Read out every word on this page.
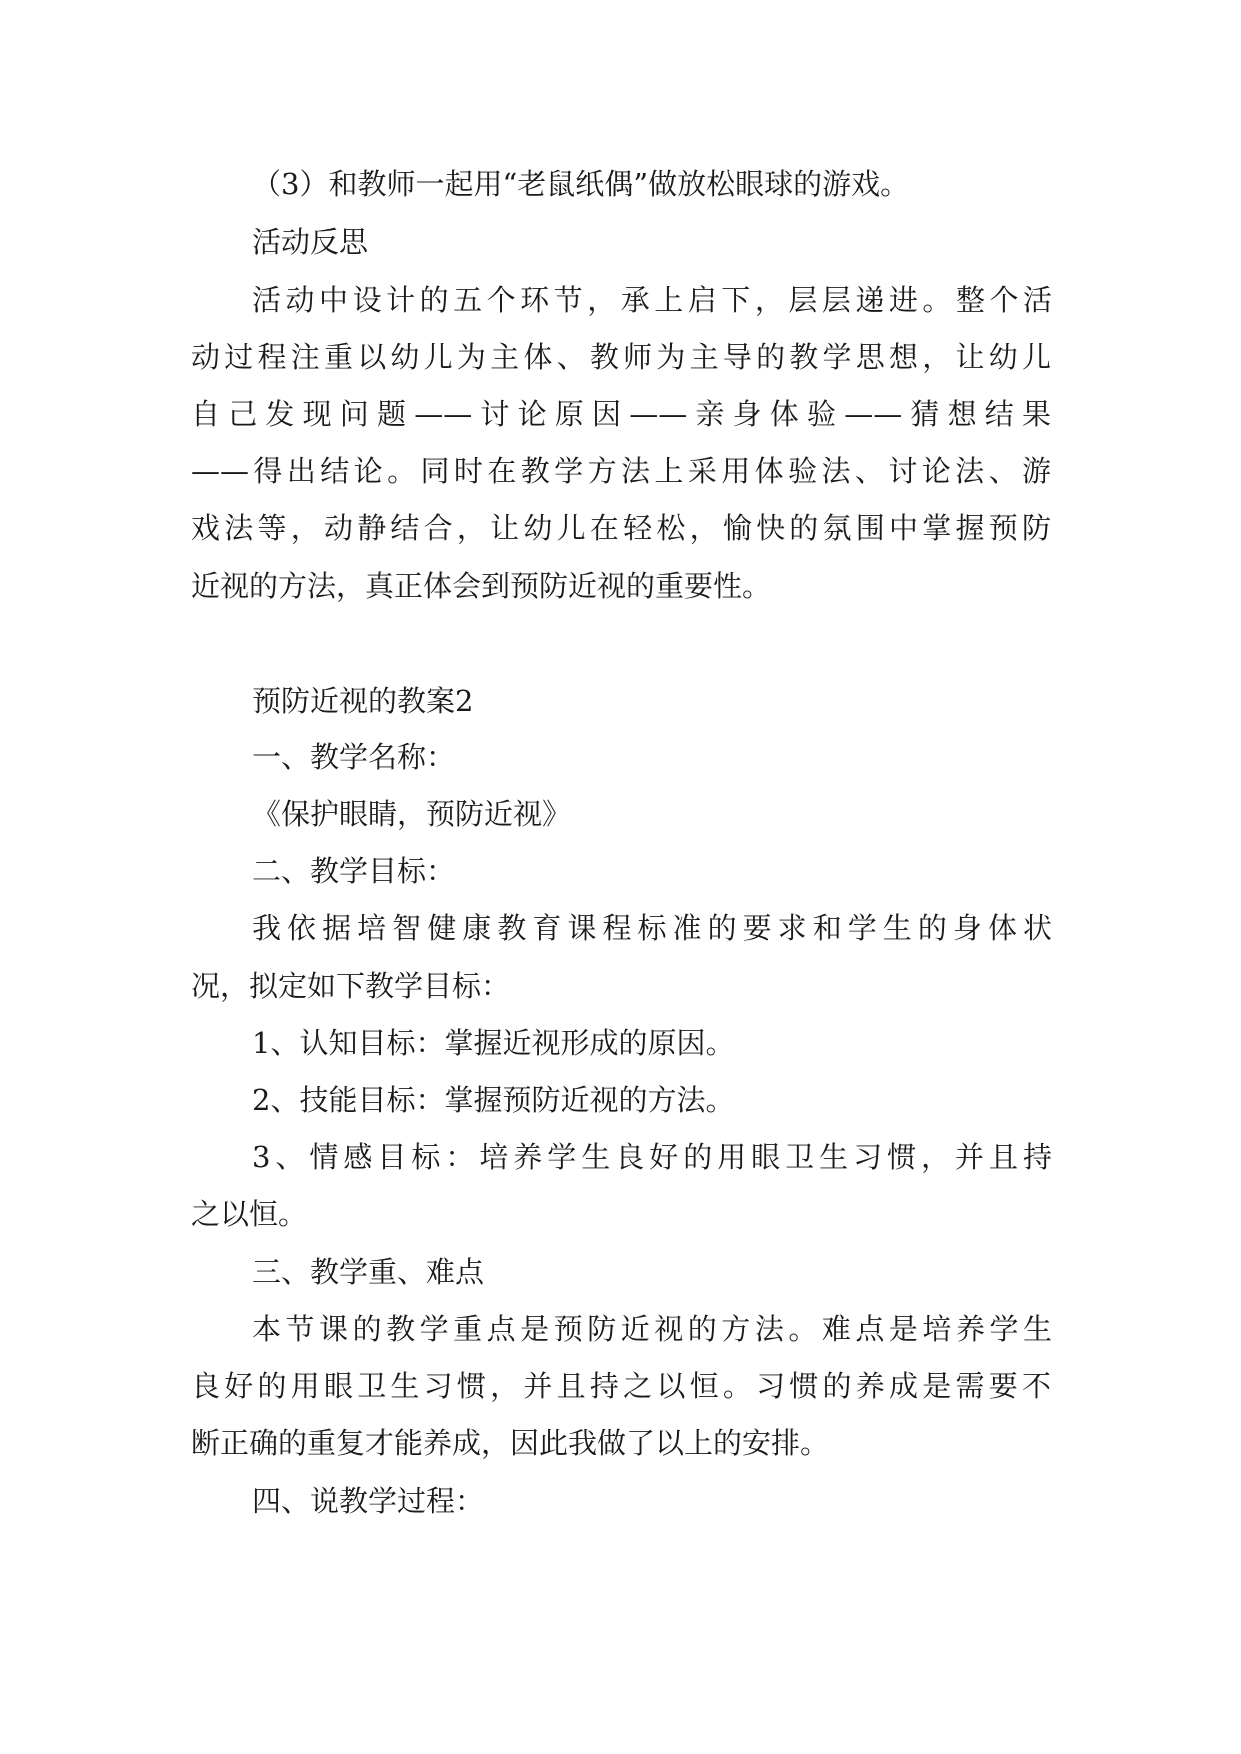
（3）和教师一起用“老鼠纸偶”做放松眼球的游戏。
活动反思
活动中设计的五个环节，承上启下，层层递进。整个活
动过程注重以幼儿为主体、教师为主导的教学思想，让幼儿
自己发现问题——讨论原因——亲身体验——猜想结果
——得出结论。同时在教学方法上采用体验法、讨论法、游
戏法等，动静结合，让幼儿在轻松，愉快的氛围中掌握预防
近视的方法，真正体会到预防近视的重要性。
预防近视的教案2
一、教学名称：
《保护眼睛，预防近视》
二、教学目标：
我依据培智健康教育课程标准的要求和学生的身体状
况，拟定如下教学目标：
1、认知目标：掌握近视形成的原因。
2、技能目标：掌握预防近视的方法。
3、情感目标：培养学生良好的用眼卫生习惯，并且持
之以恒。
三、教学重、难点
本节课的教学重点是预防近视的方法。难点是培养学生
良好的用眼卫生习惯，并且持之以恒。习惯的养成是需要不
断正确的重复才能养成，因此我做了以上的安排。
四、说教学过程：
